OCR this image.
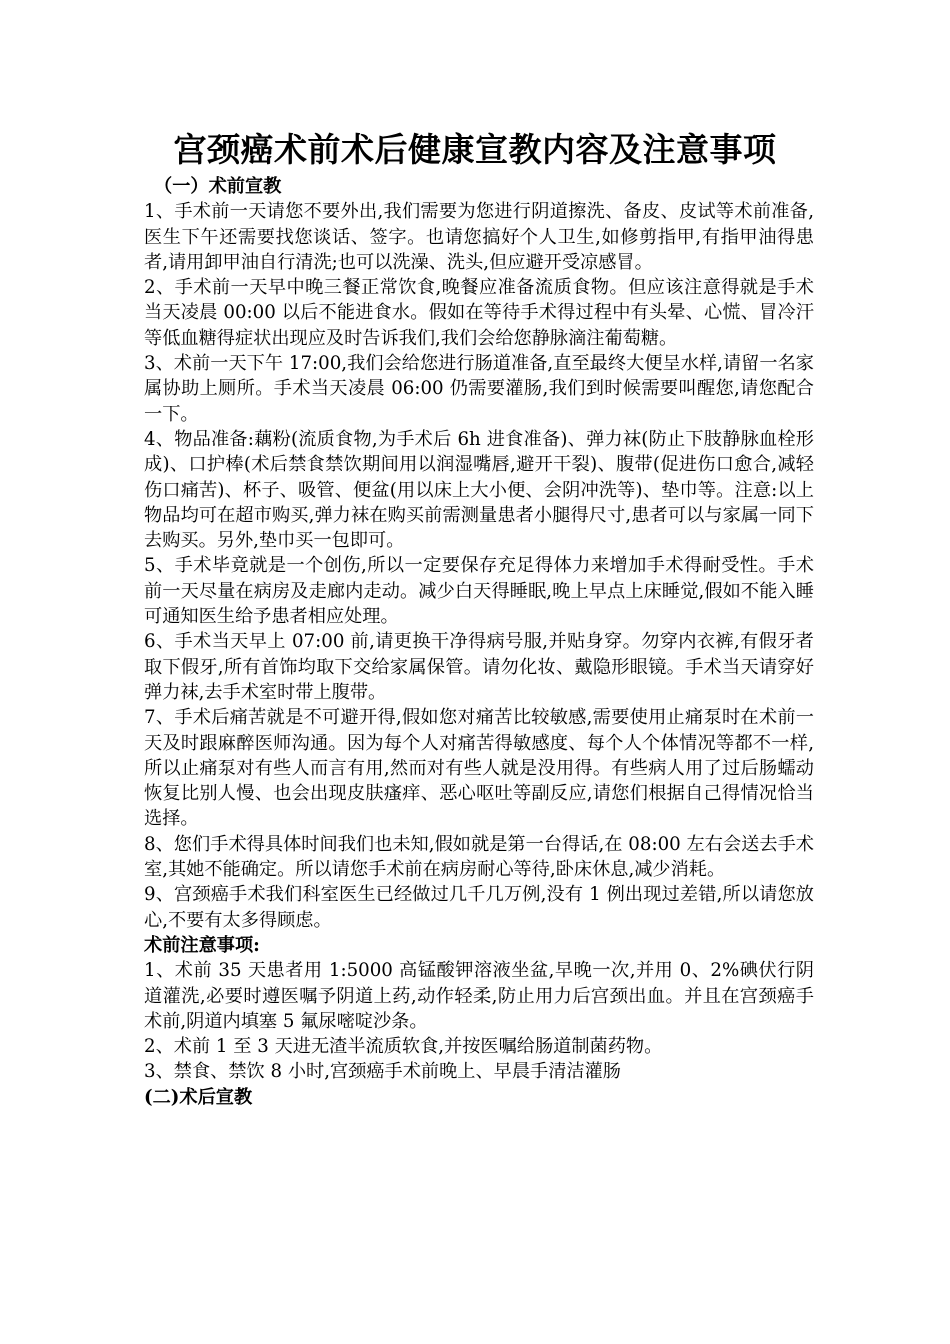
宫颈癌术前术后健康宣教内容及注意事项

（一）术前宣教

1、手术前一天请您不要外出,我们需要为您进行阴道擦洗、备皮、皮试等术前准备,医生下午还需要找您谈话、签字。也请您搞好个人卫生,如修剪指甲,有指甲油得患者,请用卸甲油自行清洗;也可以洗澡、洗头,但应避开受凉感冒。

2、手术前一天早中晚三餐正常饮食,晚餐应准备流质食物。但应该注意得就是手术当天凌晨 00:00 以后不能进食水。假如在等待手术得过程中有头晕、心慌、冒冷汗等低血糖得症状出现应及时告诉我们,我们会给您静脉滴注葡萄糖。

3、术前一天下午 17:00,我们会给您进行肠道准备,直至最终大便呈水样,请留一名家属协助上厕所。手术当天凌晨 06:00 仍需要灌肠,我们到时候需要叫醒您,请您配合一下。

4、物品准备:藕粉(流质食物,为手术后 6h 进食准备)、弹力袜(防止下肢静脉血栓形成)、口护棒(术后禁食禁饮期间用以润湿嘴唇,避开干裂)、腹带(促进伤口愈合,减轻伤口痛苦)、杯子、吸管、便盆(用以床上大小便、会阴冲洗等)、垫巾等。注意:以上物品均可在超市购买,弹力袜在购买前需测量患者小腿得尺寸,患者可以与家属一同下去购买。另外,垫巾买一包即可。

5、手术毕竟就是一个创伤,所以一定要保存充足得体力来增加手术得耐受性。手术前一天尽量在病房及走廊内走动。减少白天得睡眠,晚上早点上床睡觉,假如不能入睡可通知医生给予患者相应处理。

6、手术当天早上 07:00 前,请更换干净得病号服,并贴身穿。勿穿内衣裤,有假牙者取下假牙,所有首饰均取下交给家属保管。请勿化妆、戴隐形眼镜。手术当天请穿好弹力袜,去手术室时带上腹带。

7、手术后痛苦就是不可避开得,假如您对痛苦比较敏感,需要使用止痛泵时在术前一天及时跟麻醉医师沟通。因为每个人对痛苦得敏感度、每个人个体情况等都不一样,所以止痛泵对有些人而言有用,然而对有些人就是没用得。有些病人用了过后肠蠕动恢复比别人慢、也会出现皮肤瘙痒、恶心呕吐等副反应,请您们根据自己得情况恰当选择。

8、您们手术得具体时间我们也未知,假如就是第一台得话,在 08:00 左右会送去手术室,其她不能确定。所以请您手术前在病房耐心等待,卧床休息,减少消耗。

9、宫颈癌手术我们科室医生已经做过几千几万例,没有 1 例出现过差错,所以请您放心,不要有太多得顾虑。

术前注意事项:

1、术前 35 天患者用 1:5000 高锰酸钾溶液坐盆,早晚一次,并用 0、2%碘伏行阴道灌洗,必要时遵医嘱予阴道上药,动作轻柔,防止用力后宫颈出血。并且在宫颈癌手术前,阴道内填塞 5 氟尿嘧啶沙条。

2、术前 1 至 3 天进无渣半流质软食,并按医嘱给肠道制菌药物。

3、禁食、禁饮 8 小时,宫颈癌手术前晚上、早晨手清洁灌肠

(二)术后宣教
